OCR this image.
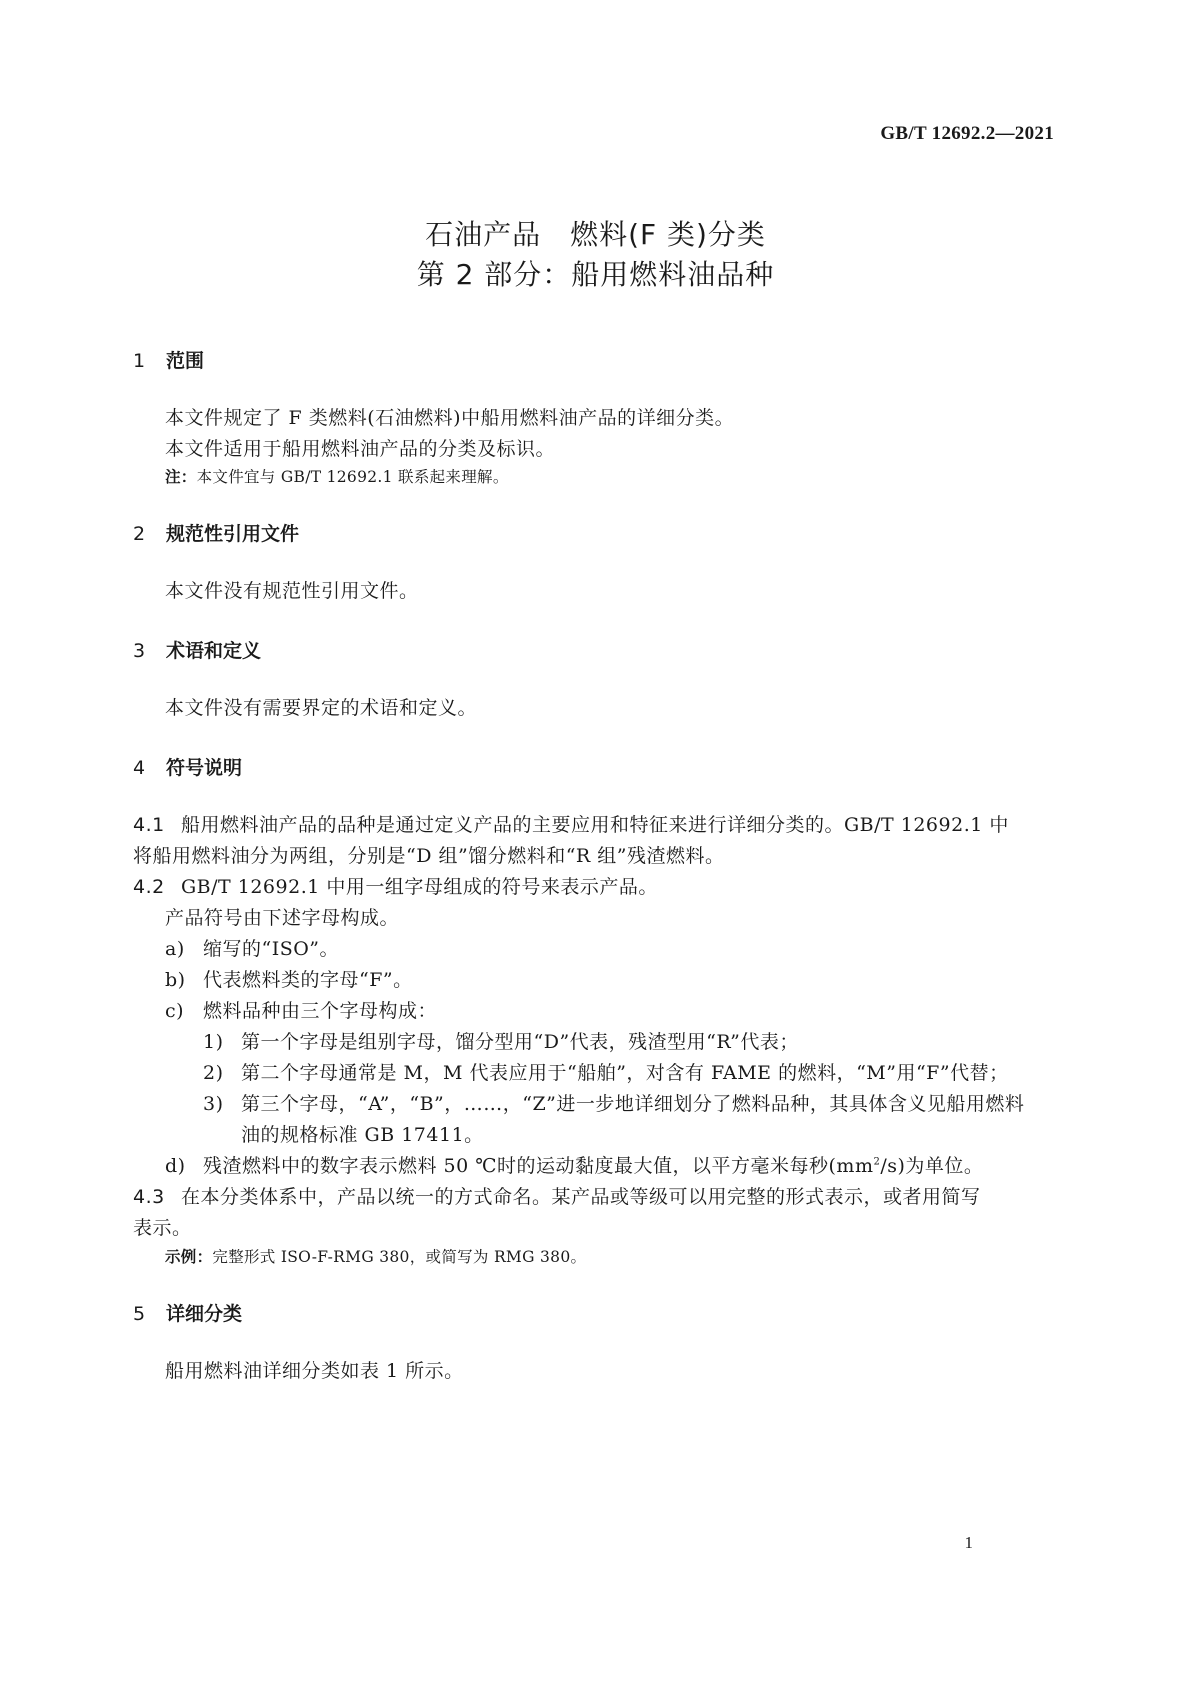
GB/T 12692.2—2021
石油产品　燃料(F 类)分类
第 2 部分：船用燃料油品种
1 范围
本文件规定了 F 类燃料(石油燃料)中船用燃料油产品的详细分类。
本文件适用于船用燃料油产品的分类及标识。
注：本文件宜与 GB/T 12692.1 联系起来理解。
2 规范性引用文件
本文件没有规范性引用文件。
3 术语和定义
本文件没有需要界定的术语和定义。
4 符号说明
4.1 船用燃料油产品的品种是通过定义产品的主要应用和特征来进行详细分类的。GB/T 12692.1 中
将船用燃料油分为两组，分别是“D 组”馏分燃料和“R 组”残渣燃料。
4.2 GB/T 12692.1 中用一组字母组成的符号来表示产品。
产品符号由下述字母构成。
a) 缩写的“ISO”。
b) 代表燃料类的字母“F”。
c) 燃料品种由三个字母构成：
1) 第一个字母是组别字母，馏分型用“D”代表，残渣型用“R”代表；
2) 第二个字母通常是 M，M 代表应用于“船舶”，对含有 FAME 的燃料，“M”用“F”代替；
3) 第三个字母，“A”，“B”，……，“Z”进一步地详细划分了燃料品种，其具体含义见船用燃料
油的规格标准 GB 17411。
d) 残渣燃料中的数字表示燃料 50 ℃时的运动黏度最大值，以平方毫米每秒$(mm^2/s)$为单位。
4.3 在本分类体系中，产品以统一的方式命名。某产品或等级可以用完整的形式表示，或者用简写
表示。
示例：完整形式 ISO-F-RMG 380，或简写为 RMG 380。
5 详细分类
船用燃料油详细分类如表 1 所示。
1
